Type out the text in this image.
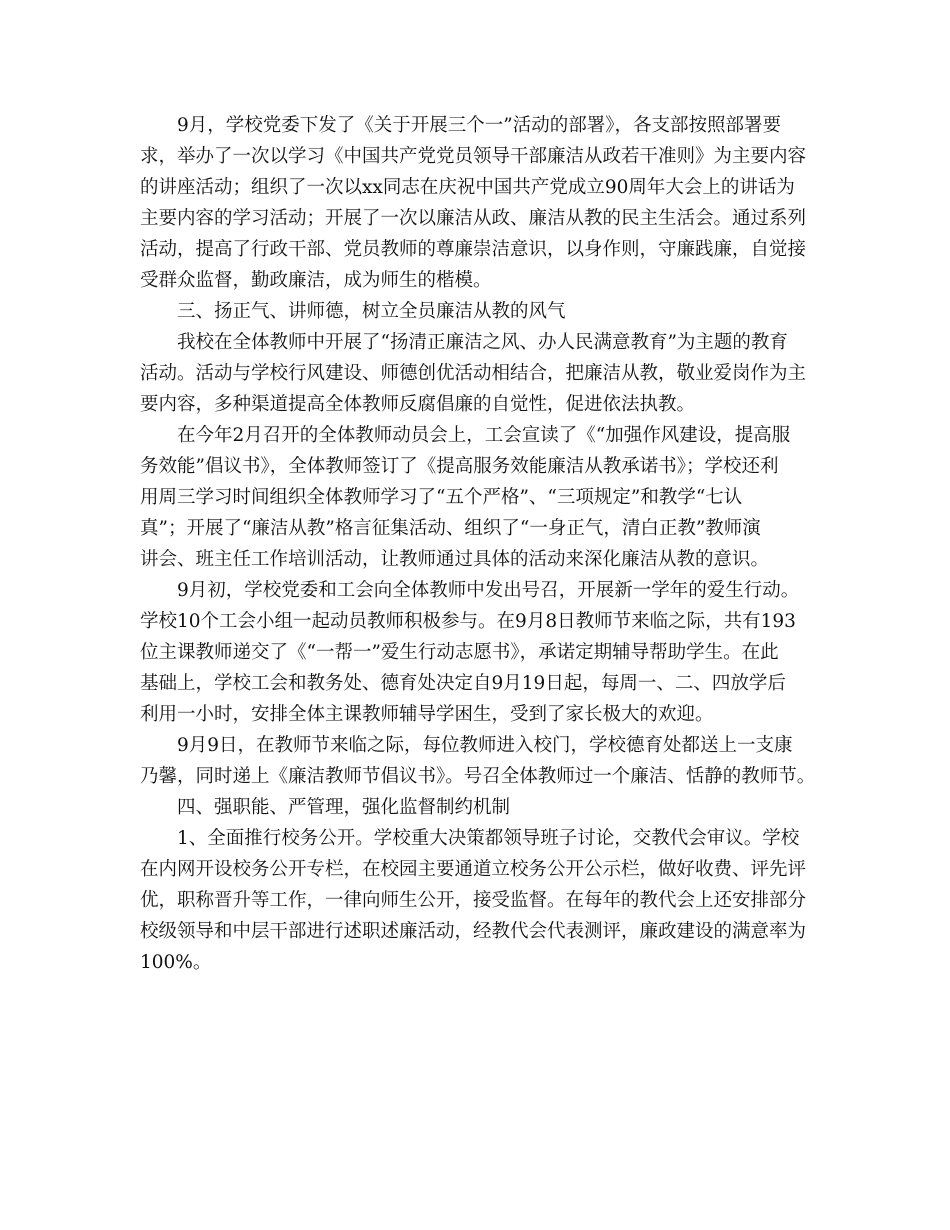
　　9月，学校党委下发了《关于开展三个一”活动的部署》，各支部按照部署要
求，举办了一次以学习《中国共产党党员领导干部廉洁从政若干准则》为主要内容
的讲座活动；组织了一次以xx同志在庆祝中国共产党成立90周年大会上的讲话为
主要内容的学习活动；开展了一次以廉洁从政、廉洁从教的民主生活会。通过系列
活动，提高了行政干部、党员教师的尊廉崇洁意识，以身作则，守廉践廉，自觉接
受群众监督，勤政廉洁，成为师生的楷模。
　　三、扬正气、讲师德，树立全员廉洁从教的风气
　　我校在全体教师中开展了“扬清正廉洁之风、办人民满意教育”为主题的教育
活动。活动与学校行风建设、师德创优活动相结合，把廉洁从教，敬业爱岗作为主
要内容，多种渠道提高全体教师反腐倡廉的自觉性，促进依法执教。
　　在今年2月召开的全体教师动员会上，工会宣读了《“加强作风建设，提高服
务效能”倡议书》，全体教师签订了《提高服务效能廉洁从教承诺书》；学校还利
用周三学习时间组织全体教师学习了“五个严格”、“三项规定”和教学“七认
真”；开展了“廉洁从教”格言征集活动、组织了“一身正气，清白正教”教师演
讲会、班主任工作培训活动，让教师通过具体的活动来深化廉洁从教的意识。
　　9月初，学校党委和工会向全体教师中发出号召，开展新一学年的爱生行动。
学校10个工会小组一起动员教师积极参与。在9月8日教师节来临之际，共有193
位主课教师递交了《“一帮一”爱生行动志愿书》，承诺定期辅导帮助学生。在此
基础上，学校工会和教务处、德育处决定自9月19日起，每周一、二、四放学后
利用一小时，安排全体主课教师辅导学困生，受到了家长极大的欢迎。
　　9月9日，在教师节来临之际，每位教师进入校门，学校德育处都送上一支康
乃馨，同时递上《廉洁教师节倡议书》。号召全体教师过一个廉洁、恬静的教师节。
　　四、强职能、严管理，强化监督制约机制
　　1、全面推行校务公开。学校重大决策都领导班子讨论，交教代会审议。学校
在内网开设校务公开专栏，在校园主要通道立校务公开公示栏，做好收费、评先评
优，职称晋升等工作，一律向师生公开，接受监督。在每年的教代会上还安排部分
校级领导和中层干部进行述职述廉活动，经教代会代表测评，廉政建设的满意率为
100%。
